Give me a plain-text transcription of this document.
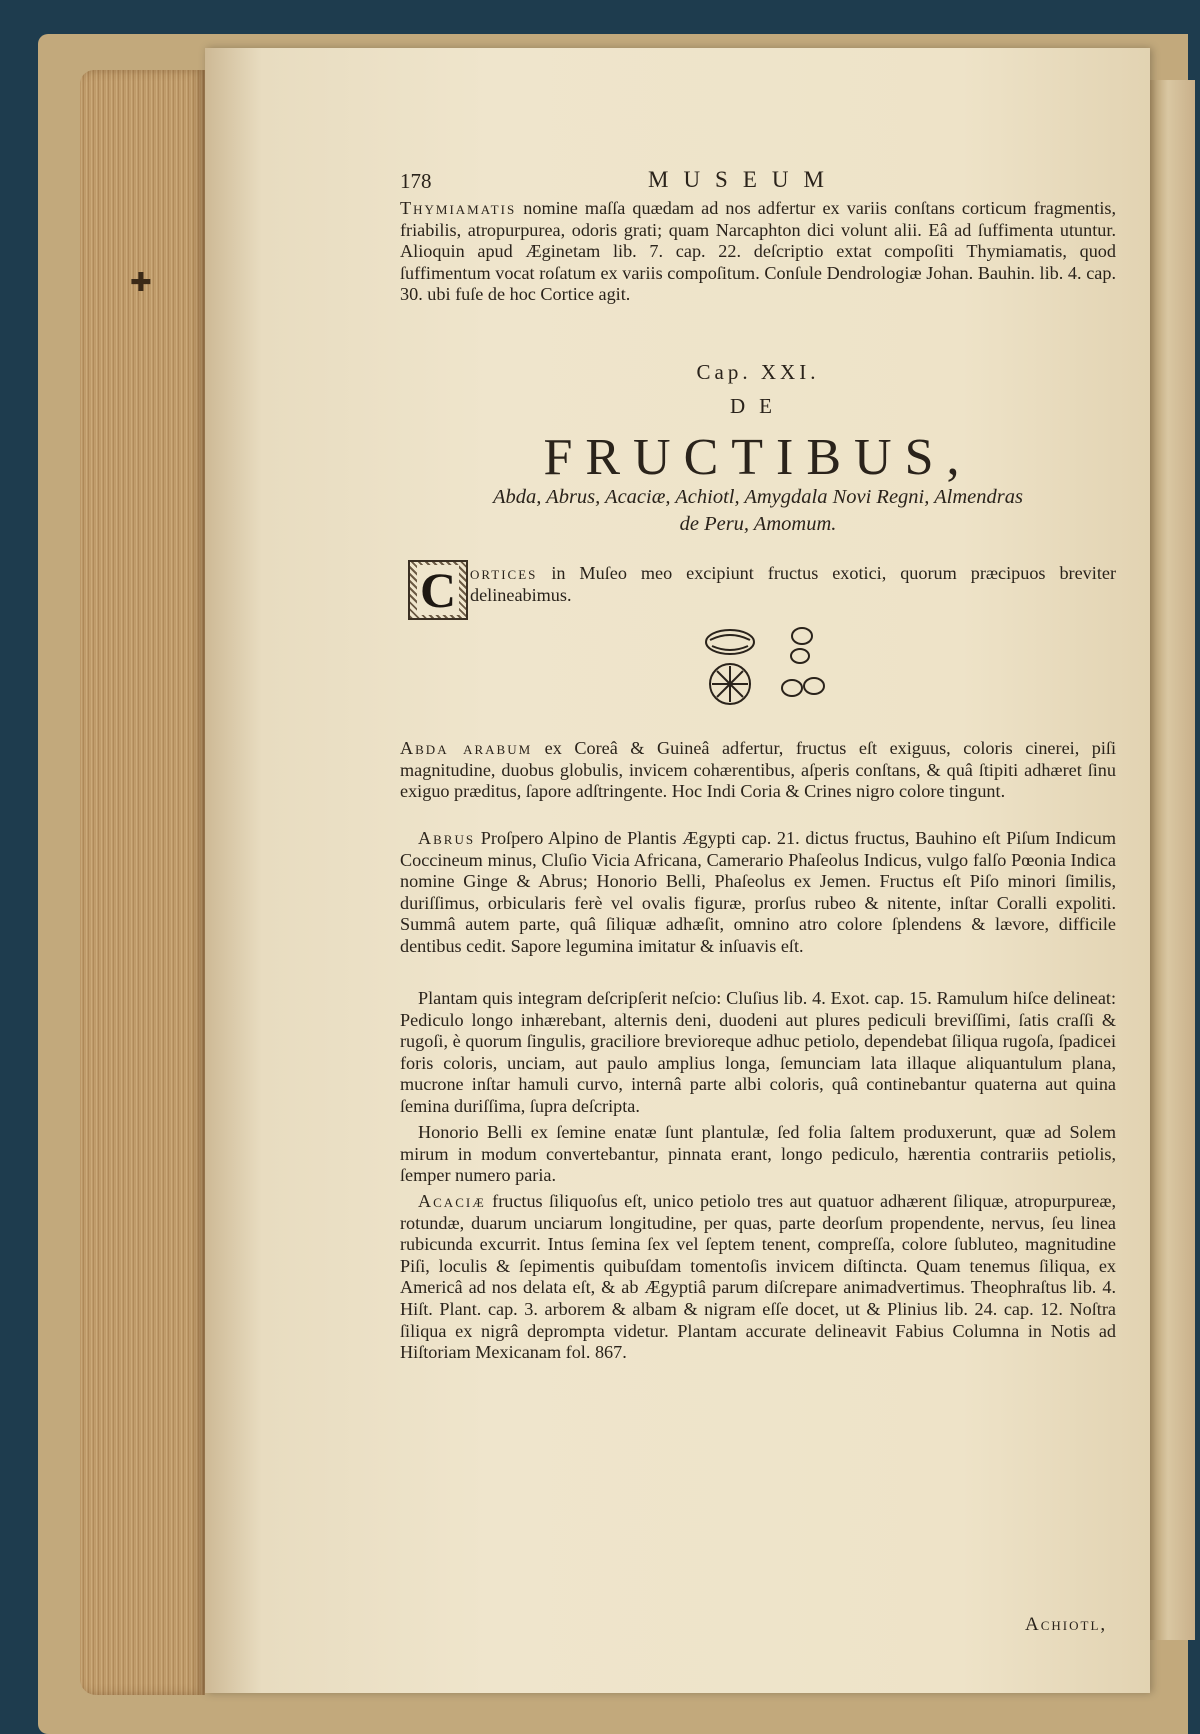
✚
178	MUSEUM

Thymiamatis nomine maſſa quædam ad nos adfertur ex variis conſtans corticum fragmentis, friabilis, atropurpurea, odoris grati; quam Narcaphton dici volunt alii. Eâ ad ſuffimenta utuntur. Alioquin apud Æginetam lib. 7. cap. 22. deſcriptio extat compoſiti Thymiamatis, quod ſuffimentum vocat roſatum ex variis compoſitum. Conſule Dendrologiæ Johan. Bauhin. lib. 4. cap. 30. ubi fuſe de hoc Cortice agit.

Cap. XXI.
DE
FRUCTIBUS,
Abda, Abrus, Acaciæ, Achiotl, Amygdala Novi Regni, Almendras
de Peru, Amomum.
C ortices in Muſeo meo excipiunt fructus exotici, quorum præcipuos breviter delineabimus.

Abda arabum ex Coreâ & Guineâ adfertur, fructus eſt exiguus, coloris cinerei, piſi magnitudine, duobus globulis, invicem cohærentibus, aſperis conſtans, & quâ ſtipiti adhæret ſinu exiguo præditus, ſapore adſtringente. Hoc Indi Coria & Crines nigro colore tingunt.

Abrus Proſpero Alpino de Plantis Ægypti cap. 21. dictus fructus, Bauhino eſt Piſum Indicum Coccineum minus, Cluſio Vicia Africana, Camerario Phaſeolus Indicus, vulgo falſo Pœonia Indica nomine Ginge & Abrus; Honorio Belli, Phaſeolus ex Jemen. Fructus eſt Piſo minori ſimilis, duriſſimus, orbicularis ferè vel ovalis figuræ, prorſus rubeo & nitente, inſtar Coralli expoliti. Summâ autem parte, quâ ſiliquæ adhæſit, omnino atro colore ſplendens & lævore, difficile dentibus cedit. Sapore legumina imitatur & inſuavis eſt.

Plantam quis integram deſcripſerit neſcio: Cluſius lib. 4. Exot. cap. 15. Ramulum hiſce delineat: Pediculo longo inhærebant, alternis deni, duodeni aut plures pediculi breviſſimi, ſatis craſſi & rugoſi, è quorum ſingulis, graciliore brevioreque adhuc petiolo, dependebat ſiliqua rugoſa, ſpadicei foris coloris, unciam, aut paulo amplius longa, ſemunciam lata illaque aliquantulum plana, mucrone inſtar hamuli curvo, internâ parte albi coloris, quâ continebantur quaterna aut quina ſemina duriſſima, ſupra deſcripta.

Honorio Belli ex ſemine enatæ ſunt plantulæ, ſed folia ſaltem produxerunt, quæ ad Solem mirum in modum convertebantur, pinnata erant, longo pediculo, hærentia contrariis petiolis, ſemper numero paria.

Acaciæ fructus ſiliquoſus eſt, unico petiolo tres aut quatuor adhærent ſiliquæ, atropurpureæ, rotundæ, duarum unciarum longitudine, per quas, parte deorſum propendente, nervus, ſeu linea rubicunda excurrit. Intus ſemina ſex vel ſeptem tenent, compreſſa, colore ſubluteo, magnitudine Piſi, loculis & ſepimentis quibuſdam tomentoſis invicem diſtincta. Quam tenemus ſiliqua, ex Americâ ad nos delata eſt, & ab Ægyptiâ parum diſcrepare animadvertimus. Theophraſtus lib. 4. Hiſt. Plant. cap. 3. arborem & albam & nigram eſſe docet, ut & Plinius lib. 24. cap. 12. Noſtra ſiliqua ex nigrâ deprompta videtur. Plantam accurate delineavit Fabius Columna in Notis ad Hiſtoriam Mexicanam fol. 867.

Achiotl,
